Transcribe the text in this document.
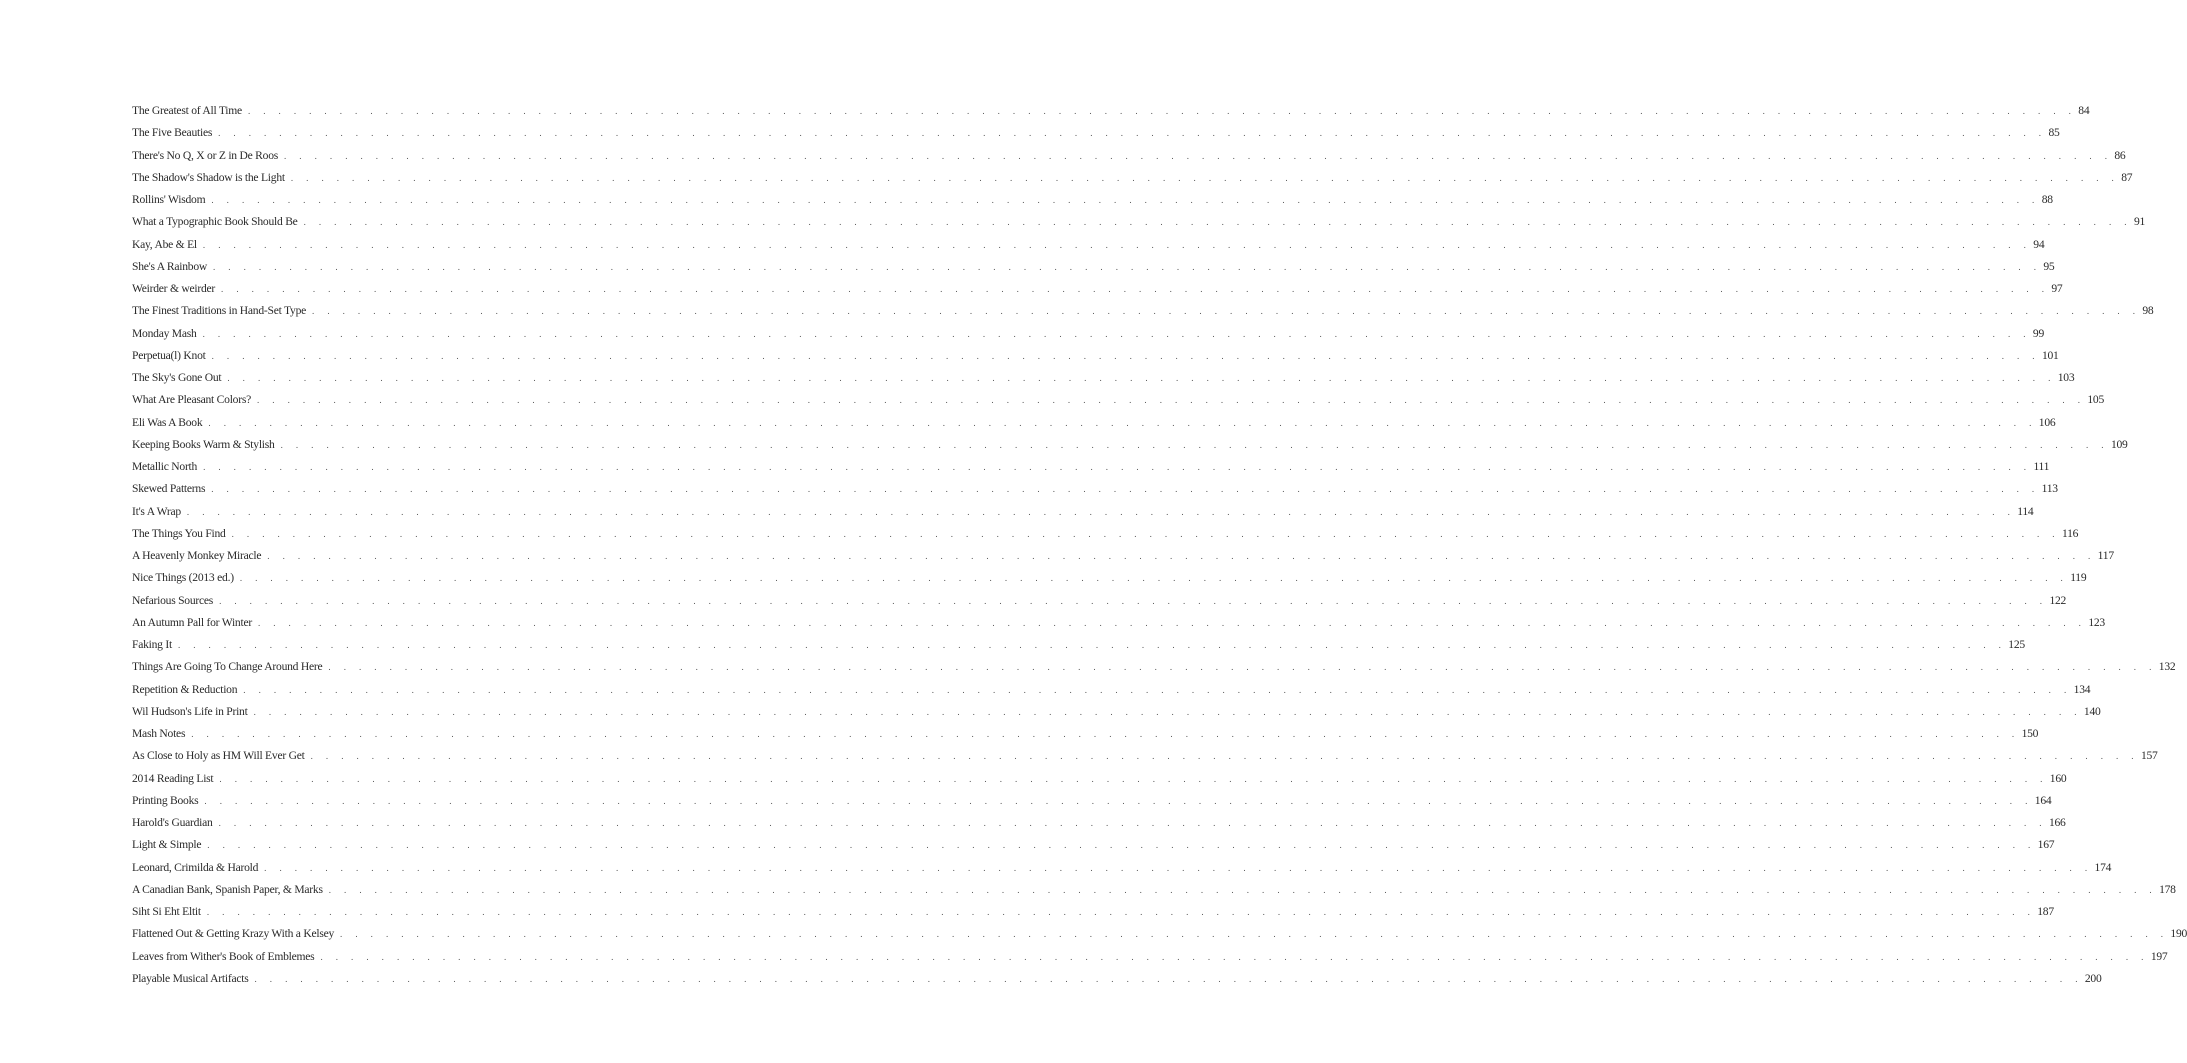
The Greatest of All Time . . . . . . . . . . . . . . . . . . . . . . . . . . . . . . . . . . . . . . . . . . . . . . . . . . . . . . . . . . . . . . . . . . . . . . . . . . . . . . . . . . . . . . . . . . . . . . . . . . . . . . . . . . . . . . . . . . . . . . . . 84
The Five Beauties . . . . . . . . . . . . . . . . . . . . . . . . . . . . . . . . . . . . . . . . . . . . . . . . . . . . . . . . . . . . . . . . . . . . . . . . . . . . . . . . . . . . . . . . . . . . . . . . . . . . . . . . . . . . . . . . . . . . . . . . 85
There's No Q, X or Z in De Roos . . . . . . . . . . . . . . . . . . . . . . . . . . . . . . . . . . . . . . . . . . . . . . . . . . . . . . . . . . . . . . . . . . . . . . . . . . . . . . . . . . . . . . . . . . . . . . . . . . . . . . . . . . . . . . . . . . . . . . . . 86
The Shadow's Shadow is the Light . . . . . . . . . . . . . . . . . . . . . . . . . . . . . . . . . . . . . . . . . . . . . . . . . . . . . . . . . . . . . . . . . . . . . . . . . . . . . . . . . . . . . . . . . . . . . . . . . . . . . . . . . . . . . . . . . . . . . . . . 87
Rollins' Wisdom . . . . . . . . . . . . . . . . . . . . . . . . . . . . . . . . . . . . . . . . . . . . . . . . . . . . . . . . . . . . . . . . . . . . . . . . . . . . . . . . . . . . . . . . . . . . . . . . . . . . . . . . . . . . . . . . . . . . . . . . 88
What a Typographic Book Should Be . . . . . . . . . . . . . . . . . . . . . . . . . . . . . . . . . . . . . . . . . . . . . . . . . . . . . . . . . . . . . . . . . . . . . . . . . . . . . . . . . . . . . . . . . . . . . . . . . . . . . . . . . . . . . . . . . . . . . . . . 91
Kay, Abe & El . . . . . . . . . . . . . . . . . . . . . . . . . . . . . . . . . . . . . . . . . . . . . . . . . . . . . . . . . . . . . . . . . . . . . . . . . . . . . . . . . . . . . . . . . . . . . . . . . . . . . . . . . . . . . . . . . . . . . . . . 94
She's A Rainbow . . . . . . . . . . . . . . . . . . . . . . . . . . . . . . . . . . . . . . . . . . . . . . . . . . . . . . . . . . . . . . . . . . . . . . . . . . . . . . . . . . . . . . . . . . . . . . . . . . . . . . . . . . . . . . . . . . . . . . . . 95
Weirder & weirder . . . . . . . . . . . . . . . . . . . . . . . . . . . . . . . . . . . . . . . . . . . . . . . . . . . . . . . . . . . . . . . . . . . . . . . . . . . . . . . . . . . . . . . . . . . . . . . . . . . . . . . . . . . . . . . . . . . . . . . . 97
The Finest Traditions in Hand-Set Type . . . . . . . . . . . . . . . . . . . . . . . . . . . . . . . . . . . . . . . . . . . . . . . . . . . . . . . . . . . . . . . . . . . . . . . . . . . . . . . . . . . . . . . . . . . . . . . . . . . . . . . . . . . . . . . . . . . . . . . . 98
Monday Mash . . . . . . . . . . . . . . . . . . . . . . . . . . . . . . . . . . . . . . . . . . . . . . . . . . . . . . . . . . . . . . . . . . . . . . . . . . . . . . . . . . . . . . . . . . . . . . . . . . . . . . . . . . . . . . . . . . . . . . . . 99
Perpetua(l) Knot . . . . . . . . . . . . . . . . . . . . . . . . . . . . . . . . . . . . . . . . . . . . . . . . . . . . . . . . . . . . . . . . . . . . . . . . . . . . . . . . . . . . . . . . . . . . . . . . . . . . . . . . . . . . . . . . . . . . . . . . 101
The Sky's Gone Out . . . . . . . . . . . . . . . . . . . . . . . . . . . . . . . . . . . . . . . . . . . . . . . . . . . . . . . . . . . . . . . . . . . . . . . . . . . . . . . . . . . . . . . . . . . . . . . . . . . . . . . . . . . . . . . . . . . . . . . . 103
What Are Pleasant Colors? . . . . . . . . . . . . . . . . . . . . . . . . . . . . . . . . . . . . . . . . . . . . . . . . . . . . . . . . . . . . . . . . . . . . . . . . . . . . . . . . . . . . . . . . . . . . . . . . . . . . . . . . . . . . . . . . . . . . . . . . 105
Eli Was A Book . . . . . . . . . . . . . . . . . . . . . . . . . . . . . . . . . . . . . . . . . . . . . . . . . . . . . . . . . . . . . . . . . . . . . . . . . . . . . . . . . . . . . . . . . . . . . . . . . . . . . . . . . . . . . . . . . . . . . . . . 106
Keeping Books Warm & Stylish . . . . . . . . . . . . . . . . . . . . . . . . . . . . . . . . . . . . . . . . . . . . . . . . . . . . . . . . . . . . . . . . . . . . . . . . . . . . . . . . . . . . . . . . . . . . . . . . . . . . . . . . . . . . . . . . . . . . . . . . 109
Metallic North . . . . . . . . . . . . . . . . . . . . . . . . . . . . . . . . . . . . . . . . . . . . . . . . . . . . . . . . . . . . . . . . . . . . . . . . . . . . . . . . . . . . . . . . . . . . . . . . . . . . . . . . . . . . . . . . . . . . . . . . 111
Skewed Patterns . . . . . . . . . . . . . . . . . . . . . . . . . . . . . . . . . . . . . . . . . . . . . . . . . . . . . . . . . . . . . . . . . . . . . . . . . . . . . . . . . . . . . . . . . . . . . . . . . . . . . . . . . . . . . . . . . . . . . . . . 113
It's A Wrap . . . . . . . . . . . . . . . . . . . . . . . . . . . . . . . . . . . . . . . . . . . . . . . . . . . . . . . . . . . . . . . . . . . . . . . . . . . . . . . . . . . . . . . . . . . . . . . . . . . . . . . . . . . . . . . . . . . . . . . . 114
The Things You Find . . . . . . . . . . . . . . . . . . . . . . . . . . . . . . . . . . . . . . . . . . . . . . . . . . . . . . . . . . . . . . . . . . . . . . . . . . . . . . . . . . . . . . . . . . . . . . . . . . . . . . . . . . . . . . . . . . . . . . . . 116
A Heavenly Monkey Miracle . . . . . . . . . . . . . . . . . . . . . . . . . . . . . . . . . . . . . . . . . . . . . . . . . . . . . . . . . . . . . . . . . . . . . . . . . . . . . . . . . . . . . . . . . . . . . . . . . . . . . . . . . . . . . . . . . . . . . . . . 117
Nice Things (2013 ed.) . . . . . . . . . . . . . . . . . . . . . . . . . . . . . . . . . . . . . . . . . . . . . . . . . . . . . . . . . . . . . . . . . . . . . . . . . . . . . . . . . . . . . . . . . . . . . . . . . . . . . . . . . . . . . . . . . . . . . . . . 119
Nefarious Sources . . . . . . . . . . . . . . . . . . . . . . . . . . . . . . . . . . . . . . . . . . . . . . . . . . . . . . . . . . . . . . . . . . . . . . . . . . . . . . . . . . . . . . . . . . . . . . . . . . . . . . . . . . . . . . . . . . . . . . . . 122
An Autumn Pall for Winter . . . . . . . . . . . . . . . . . . . . . . . . . . . . . . . . . . . . . . . . . . . . . . . . . . . . . . . . . . . . . . . . . . . . . . . . . . . . . . . . . . . . . . . . . . . . . . . . . . . . . . . . . . . . . . . . . . . . . . . . 123
Faking It . . . . . . . . . . . . . . . . . . . . . . . . . . . . . . . . . . . . . . . . . . . . . . . . . . . . . . . . . . . . . . . . . . . . . . . . . . . . . . . . . . . . . . . . . . . . . . . . . . . . . . . . . . . . . . . . . . . . . . . . 125
Things Are Going To Change Around Here . . . . . . . . . . . . . . . . . . . . . . . . . . . . . . . . . . . . . . . . . . . . . . . . . . . . . . . . . . . . . . . . . . . . . . . . . . . . . . . . . . . . . . . . . . . . . . . . . . . . . . . . . . . . . . . . . . . . . . . . 132
Repetition & Reduction . . . . . . . . . . . . . . . . . . . . . . . . . . . . . . . . . . . . . . . . . . . . . . . . . . . . . . . . . . . . . . . . . . . . . . . . . . . . . . . . . . . . . . . . . . . . . . . . . . . . . . . . . . . . . . . . . . . . . . . . 134
Wil Hudson's Life in Print . . . . . . . . . . . . . . . . . . . . . . . . . . . . . . . . . . . . . . . . . . . . . . . . . . . . . . . . . . . . . . . . . . . . . . . . . . . . . . . . . . . . . . . . . . . . . . . . . . . . . . . . . . . . . . . . . . . . . . . . 140
Mash Notes . . . . . . . . . . . . . . . . . . . . . . . . . . . . . . . . . . . . . . . . . . . . . . . . . . . . . . . . . . . . . . . . . . . . . . . . . . . . . . . . . . . . . . . . . . . . . . . . . . . . . . . . . . . . . . . . . . . . . . . . 150
As Close to Holy as HM Will Ever Get . . . . . . . . . . . . . . . . . . . . . . . . . . . . . . . . . . . . . . . . . . . . . . . . . . . . . . . . . . . . . . . . . . . . . . . . . . . . . . . . . . . . . . . . . . . . . . . . . . . . . . . . . . . . . . . . . . . . . . . . 157
2014 Reading List . . . . . . . . . . . . . . . . . . . . . . . . . . . . . . . . . . . . . . . . . . . . . . . . . . . . . . . . . . . . . . . . . . . . . . . . . . . . . . . . . . . . . . . . . . . . . . . . . . . . . . . . . . . . . . . . . . . . . . . . 160
Printing Books . . . . . . . . . . . . . . . . . . . . . . . . . . . . . . . . . . . . . . . . . . . . . . . . . . . . . . . . . . . . . . . . . . . . . . . . . . . . . . . . . . . . . . . . . . . . . . . . . . . . . . . . . . . . . . . . . . . . . . . . 164
Harold's Guardian . . . . . . . . . . . . . . . . . . . . . . . . . . . . . . . . . . . . . . . . . . . . . . . . . . . . . . . . . . . . . . . . . . . . . . . . . . . . . . . . . . . . . . . . . . . . . . . . . . . . . . . . . . . . . . . . . . . . . . . . 166
Light & Simple . . . . . . . . . . . . . . . . . . . . . . . . . . . . . . . . . . . . . . . . . . . . . . . . . . . . . . . . . . . . . . . . . . . . . . . . . . . . . . . . . . . . . . . . . . . . . . . . . . . . . . . . . . . . . . . . . . . . . . . . 167
Leonard, Crimilda & Harold . . . . . . . . . . . . . . . . . . . . . . . . . . . . . . . . . . . . . . . . . . . . . . . . . . . . . . . . . . . . . . . . . . . . . . . . . . . . . . . . . . . . . . . . . . . . . . . . . . . . . . . . . . . . . . . . . . . . . . . . 174
A Canadian Bank, Spanish Paper, & Marks . . . . . . . . . . . . . . . . . . . . . . . . . . . . . . . . . . . . . . . . . . . . . . . . . . . . . . . . . . . . . . . . . . . . . . . . . . . . . . . . . . . . . . . . . . . . . . . . . . . . . . . . . . . . . . . . . . . . . . . . 178
Siht Si Eht Eltit . . . . . . . . . . . . . . . . . . . . . . . . . . . . . . . . . . . . . . . . . . . . . . . . . . . . . . . . . . . . . . . . . . . . . . . . . . . . . . . . . . . . . . . . . . . . . . . . . . . . . . . . . . . . . . . . . . . . . . . . 187
Flattened Out & Getting Krazy With a Kelsey . . . . . . . . . . . . . . . . . . . . . . . . . . . . . . . . . . . . . . . . . . . . . . . . . . . . . . . . . . . . . . . . . . . . . . . . . . . . . . . . . . . . . . . . . . . . . . . . . . . . . . . . . . . . . . . . . . . . . . . . 190
Leaves from Wither's Book of Emblemes . . . . . . . . . . . . . . . . . . . . . . . . . . . . . . . . . . . . . . . . . . . . . . . . . . . . . . . . . . . . . . . . . . . . . . . . . . . . . . . . . . . . . . . . . . . . . . . . . . . . . . . . . . . . . . . . . . . . . . . . 197
Playable Musical Artifacts . . . . . . . . . . . . . . . . . . . . . . . . . . . . . . . . . . . . . . . . . . . . . . . . . . . . . . . . . . . . . . . . . . . . . . . . . . . . . . . . . . . . . . . . . . . . . . . . . . . . . . . . . . . . . . . . . . . . . . . . 200
